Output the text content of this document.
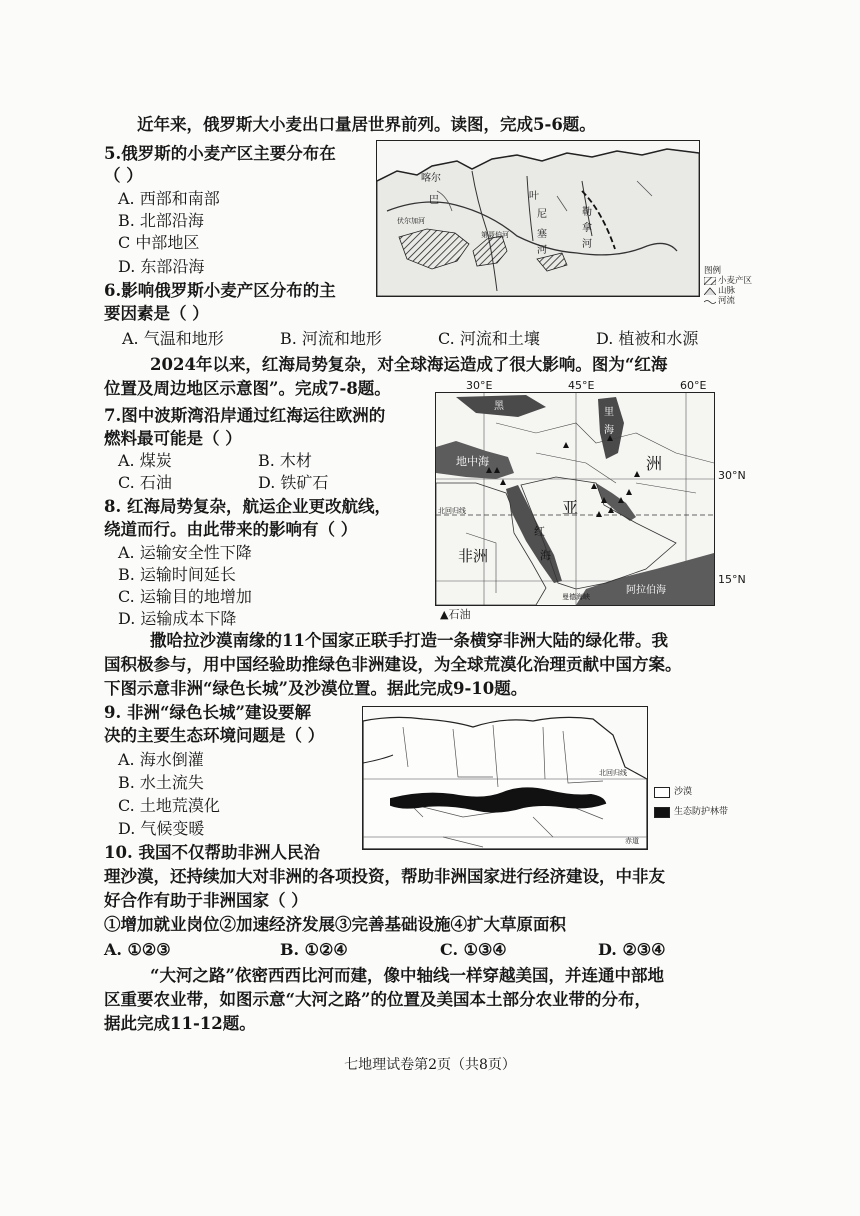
近年来，俄罗斯大小麦出口量居世界前列。读图，完成5-6题。
5.俄罗斯的小麦产区主要分布在
（ ）
A. 西部和南部
B. 北部沿海
C 中部地区
D. 东部沿海
6.影响俄罗斯小麦产区分布的主
要因素是（ ）
A. 气温和地形	B. 河流和地形	C. 河流和土壤	D. 植被和水源
喀尔
巴	叶
尼
塞
河
勒
拿
河
第聂伯河
伏尔加河
图例
小麦产区
山脉
河流
2024年以来，红海局势复杂，对全球海运造成了很大影响。图为“红海
位置及周边地区示意图”。完成7-8题。
7.图中波斯湾沿岸通过红海运往欧洲的
燃料最可能是（ ）
A. 煤炭	B. 木材
C. 石油	D. 铁矿石
8. 红海局势复杂，航运企业更改航线，
绕道而行。由此带来的影响有（ ）
A. 运输安全性下降
B. 运输时间延长
C. 运输目的地增加
D. 运输成本下降
30°E	45°E	60°E
30°N
15°N
黑
里
海
地中海	洲
亚
红
海
非洲
阿拉伯海
北回归线
曼德海峡
▲石油
撒哈拉沙漠南缘的11个国家正联手打造一条横穿非洲大陆的绿化带。我
国积极参与，用中国经验助推绿色非洲建设，为全球荒漠化治理贡献中国方案。
下图示意非洲“绿色长城”及沙漠位置。据此完成9-10题。
9. 非洲“绿色长城”建设要解
决的主要生态环境问题是（ ）
A. 海水倒灌
B. 水土流失
C. 土地荒漠化
D. 气候变暖
北回归线
赤道
沙漠
生态防护林带
10. 我国不仅帮助非洲人民治
理沙漠，还持续加大对非洲的各项投资，帮助非洲国家进行经济建设，中非友
好合作有助于非洲国家（ ）
①增加就业岗位②加速经济发展③完善基础设施④扩大草原面积
A. ①②③	B. ①②④	C. ①③④	D. ②③④
“大河之路”依密西西比河而建，像中轴线一样穿越美国，并连通中部地
区重要农业带，如图示意“大河之路”的位置及美国本土部分农业带的分布，
据此完成11-12题。
七地理试卷第2页（共8页）
